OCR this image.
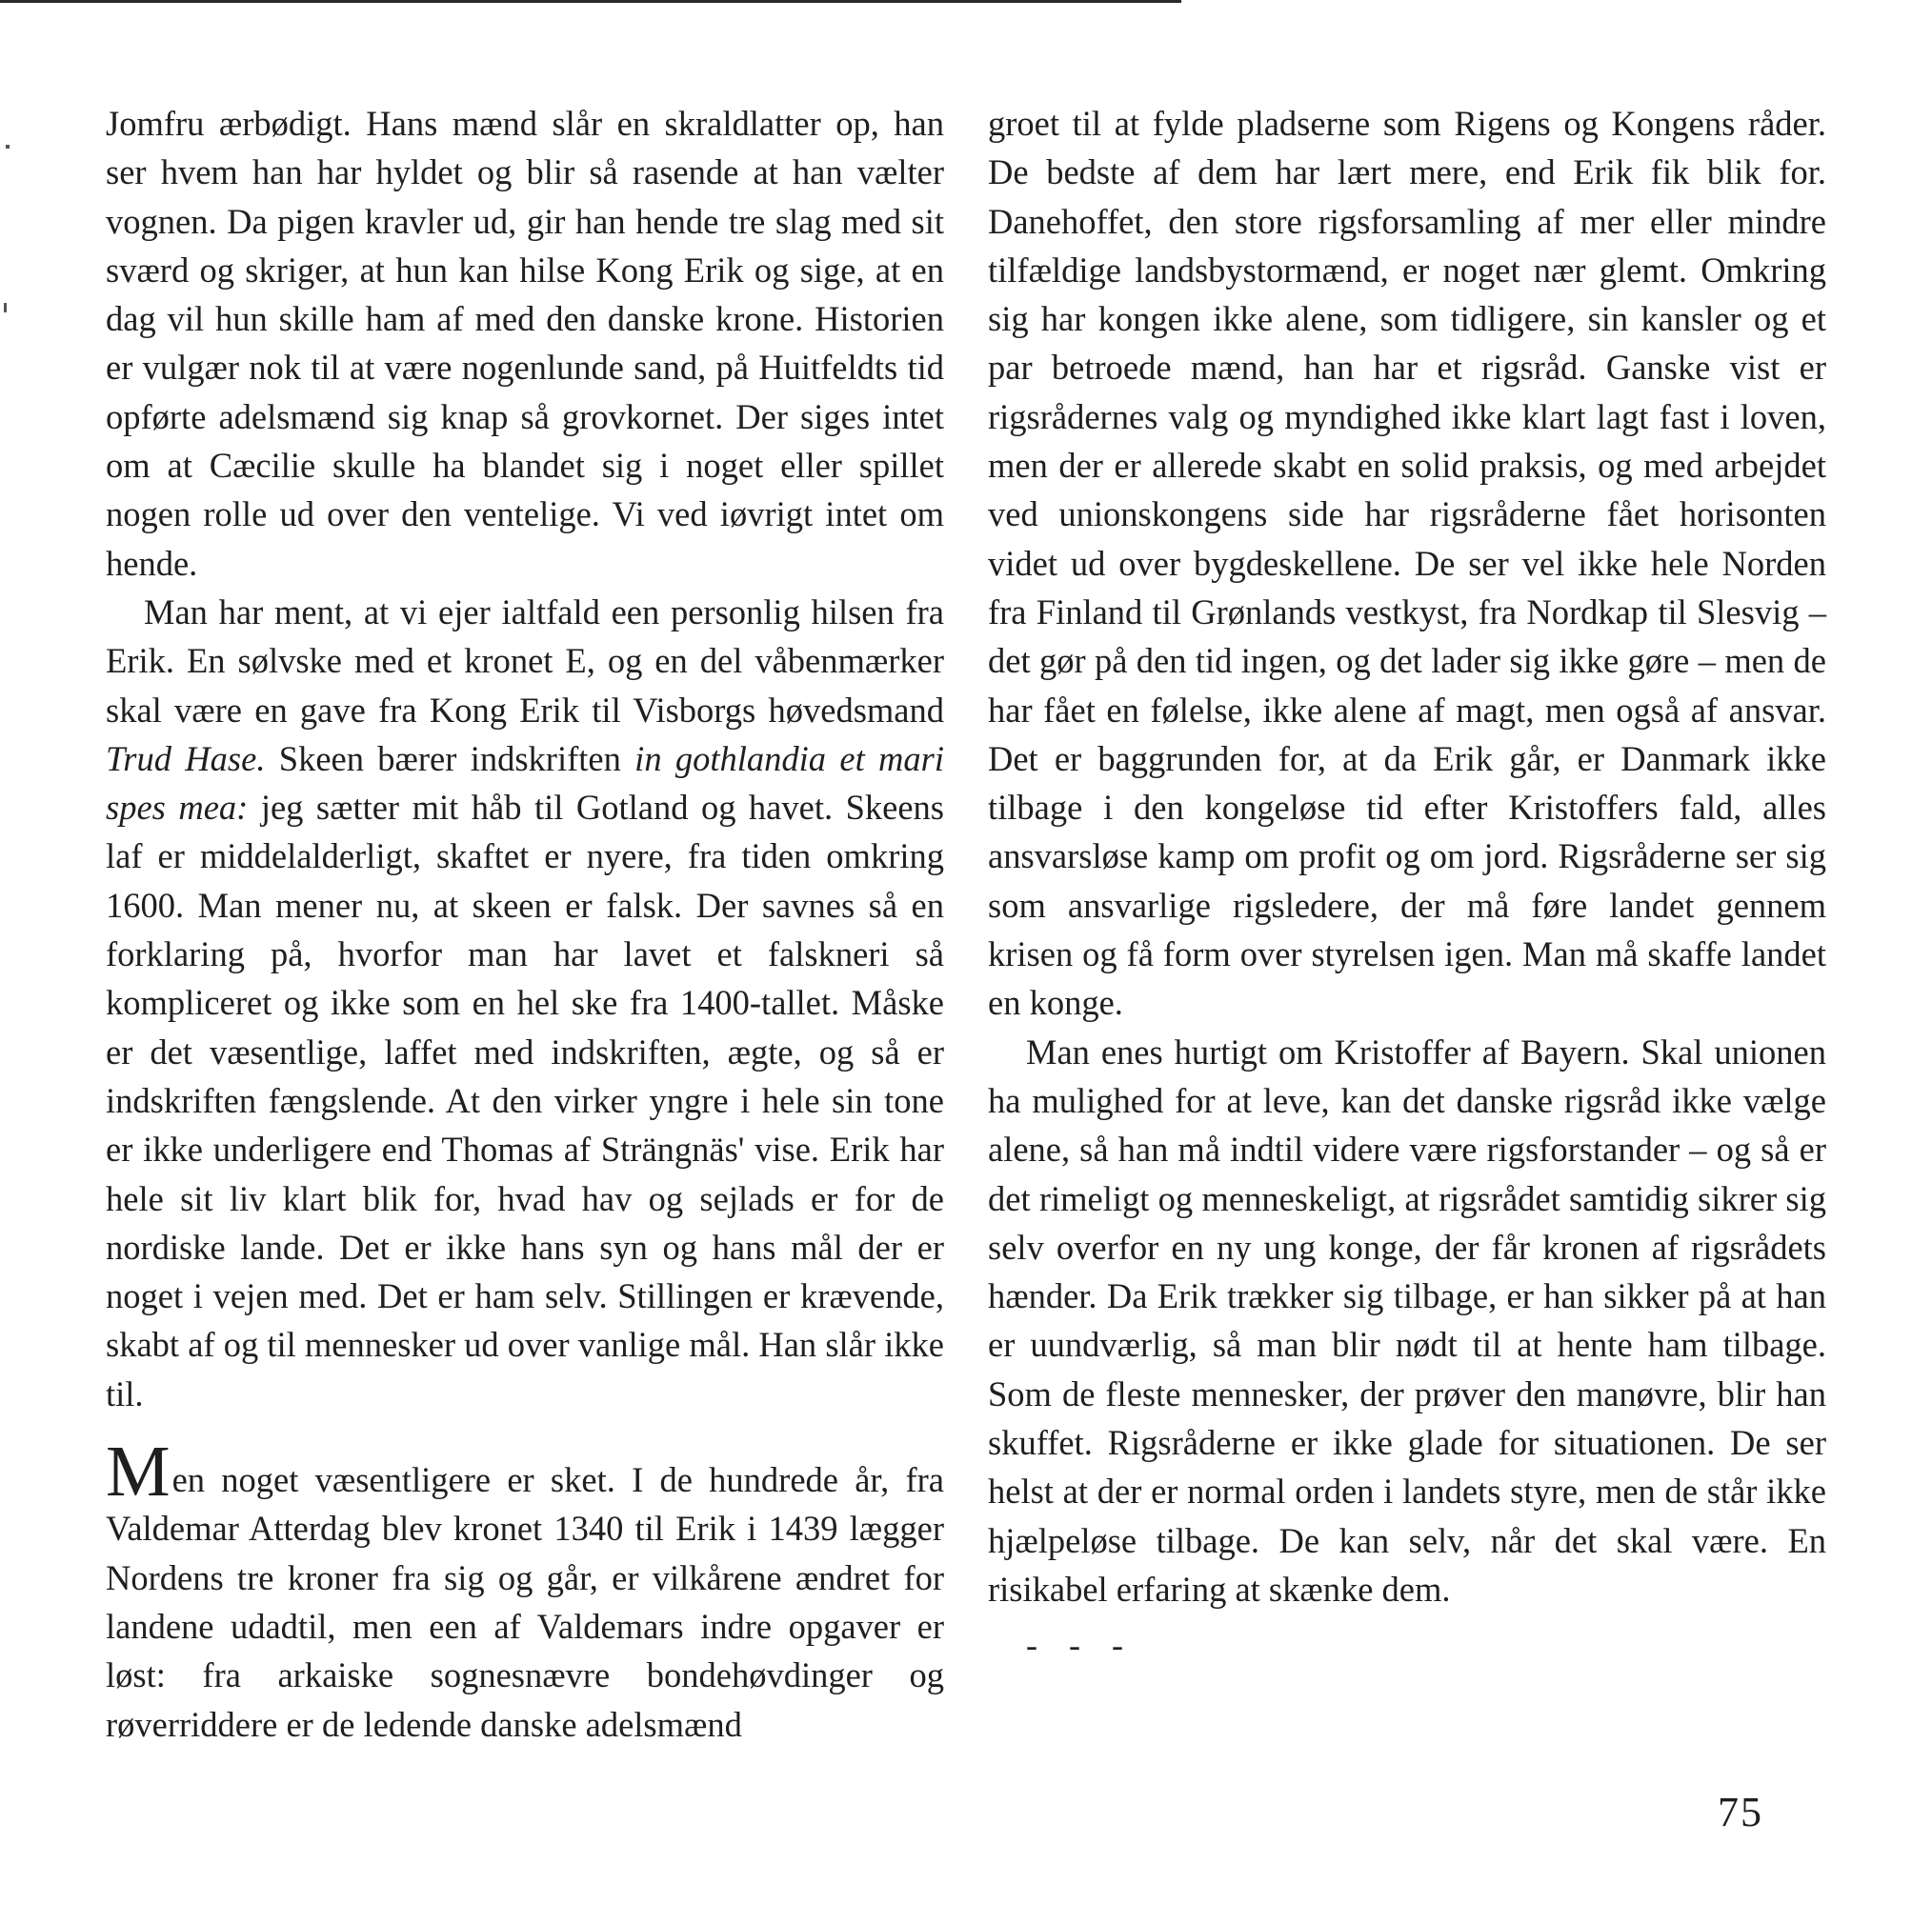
Jomfru ærbødigt. Hans mænd slår en skraldlatter op, han ser hvem han har hyldet og blir så rasende at han vælter vognen. Da pigen kravler ud, gir han hende tre slag med sit sværd og skriger, at hun kan hilse Kong Erik og sige, at en dag vil hun skille ham af med den danske krone. Historien er vulgær nok til at være nogenlunde sand, på Huitfeldts tid opførte adelsmænd sig knap så grovkornet. Der siges intet om at Cæcilie skulle ha blandet sig i noget eller spillet nogen rolle ud over den ventelige. Vi ved iøvrigt intet om hende.

Man har ment, at vi ejer ialtfald een personlig hilsen fra Erik. En sølvske med et kronet E, og en del våbenmærker skal være en gave fra Kong Erik til Visborgs høvedsmand Trud Hase. Skeen bærer indskriften in gothlandia et mari spes mea: jeg sætter mit håb til Gotland og havet. Skeens laf er middelalderligt, skaftet er nyere, fra tiden omkring 1600. Man mener nu, at skeen er falsk. Der savnes så en forklaring på, hvorfor man har lavet et falskneri så kompliceret og ikke som en hel ske fra 1400-tallet. Måske er det væsentlige, laffet med indskriften, ægte, og så er indskriften fængslende. At den virker yngre i hele sin tone er ikke underligere end Thomas af Strängnäs' vise. Erik har hele sit liv klart blik for, hvad hav og sejlads er for de nordiske lande. Det er ikke hans syn og hans mål der er noget i vejen med. Det er ham selv. Stillingen er krævende, skabt af og til mennesker ud over vanlige mål. Han slår ikke til.

Men noget væsentligere er sket. I de hundrede år, fra Valdemar Atterdag blev kronet 1340 til Erik i 1439 lægger Nordens tre kroner fra sig og går, er vilkårene ændret for landene udadtil, men een af Valdemars indre opgaver er løst: fra arkaiske sognesnævre bondehøvdinger og røverriddere er de ledende danske adelsmænd

groet til at fylde pladserne som Rigens og Kongens råder. De bedste af dem har lært mere, end Erik fik blik for. Danehoffet, den store rigsforsamling af mer eller mindre tilfældige landsbystormænd, er noget nær glemt. Omkring sig har kongen ikke alene, som tidligere, sin kansler og et par betroede mænd, han har et rigsråd. Ganske vist er rigsrådernes valg og myndighed ikke klart lagt fast i loven, men der er allerede skabt en solid praksis, og med arbejdet ved unionskongens side har rigsråderne fået horisonten videt ud over bygdeskellene. De ser vel ikke hele Norden fra Finland til Grønlands vestkyst, fra Nordkap til Slesvig – det gør på den tid ingen, og det lader sig ikke gøre – men de har fået en følelse, ikke alene af magt, men også af ansvar. Det er baggrunden for, at da Erik går, er Danmark ikke tilbage i den kongeløse tid efter Kristoffers fald, alles ansvarsløse kamp om profit og om jord. Rigsråderne ser sig som ansvarlige rigsledere, der må føre landet gennem krisen og få form over styrelsen igen. Man må skaffe landet en konge.

Man enes hurtigt om Kristoffer af Bayern. Skal unionen ha mulighed for at leve, kan det danske rigsråd ikke vælge alene, så han må indtil videre være rigsforstander – og så er det rimeligt og menneskeligt, at rigsrådet samtidig sikrer sig selv overfor en ny ung konge, der får kronen af rigsrådets hænder. Da Erik trækker sig tilbage, er han sikker på at han er uundværlig, så man blir nødt til at hente ham tilbage. Som de fleste mennesker, der prøver den manøvre, blir han skuffet. Rigsråderne er ikke glade for situationen. De ser helst at der er normal orden i landets styre, men de står ikke hjælpeløse tilbage. De kan selv, når det skal være. En risikabel erfaring at skænke dem.

- - -
75
